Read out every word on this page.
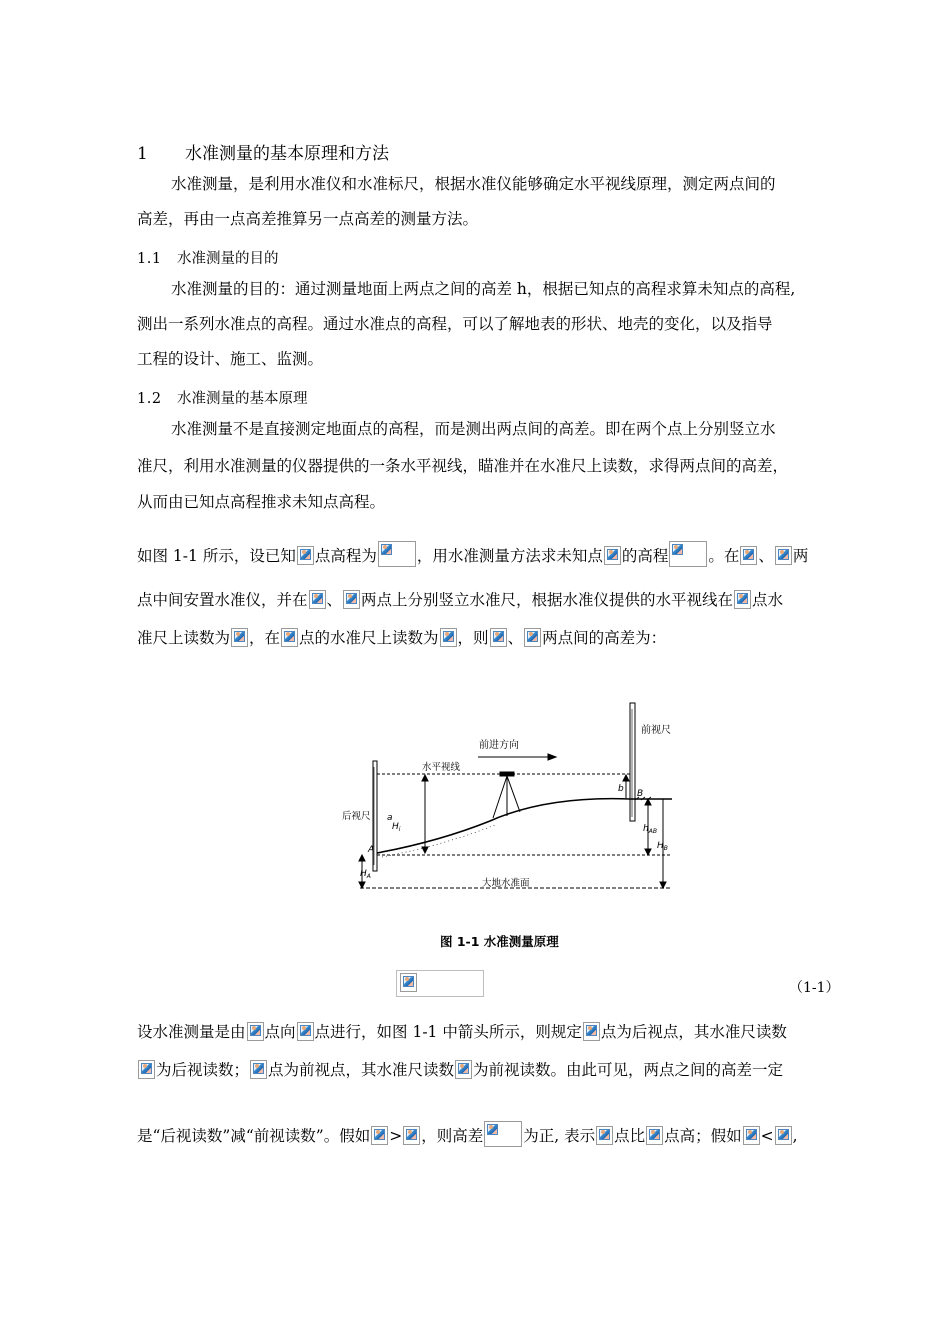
1 水准测量的基本原理和方法
水准测量，是利用水准仪和水准标尺，根据水准仪能够确定水平视线原理，测定两点间的
高差，再由一点高差推算另一点高差的测量方法。
1.1 水准测量的目的
水准测量的目的：通过测量地面上两点之间的高差 h，根据已知点的高程求算未知点的高程,
测出一系列水准点的高程。通过水准点的高程，可以了解地表的形状、地壳的变化，以及指导
工程的设计、施工、监测。
1.2 水准测量的基本原理
水准测量不是直接测定地面点的高程，而是测出两点间的高差。即在两个点上分别竖立水
准尺，利用水准测量的仪器提供的一条水平视线，瞄准并在水准尺上读数，求得两点间的高差，
从而由已知点高程推求未知点高程。
如图 1-1 所示，设已知 点高程为	，用水准测量方法求未知点 的高程	。在 、 两
点中间安置水准仪，并在 、 两点上分别竖立水准尺，根据水准仪提供的水平视线在 点水
准尺上读数为 ，在 点的水准尺上读数为 ，则 、 两点间的高差为：
前进方向
前视尺
水平视线
后视尺
大地水准面
a
b
$H_i$
A
B
$H_A$
$H_B$
$h_{AB}$
图 1-1 水准测量原理
（1-1）
设水准测量是由 点向 点进行，如图 1-1 中箭头所示，则规定 点为后视点，其水准尺读数
为后视读数； 点为前视点，其水准尺读数 为前视读数。由此可见，两点之间的高差一定
是“后视读数”减“前视读数”。假如 > ，则高差	为正, 表示 点比 点高；假如 < ,
